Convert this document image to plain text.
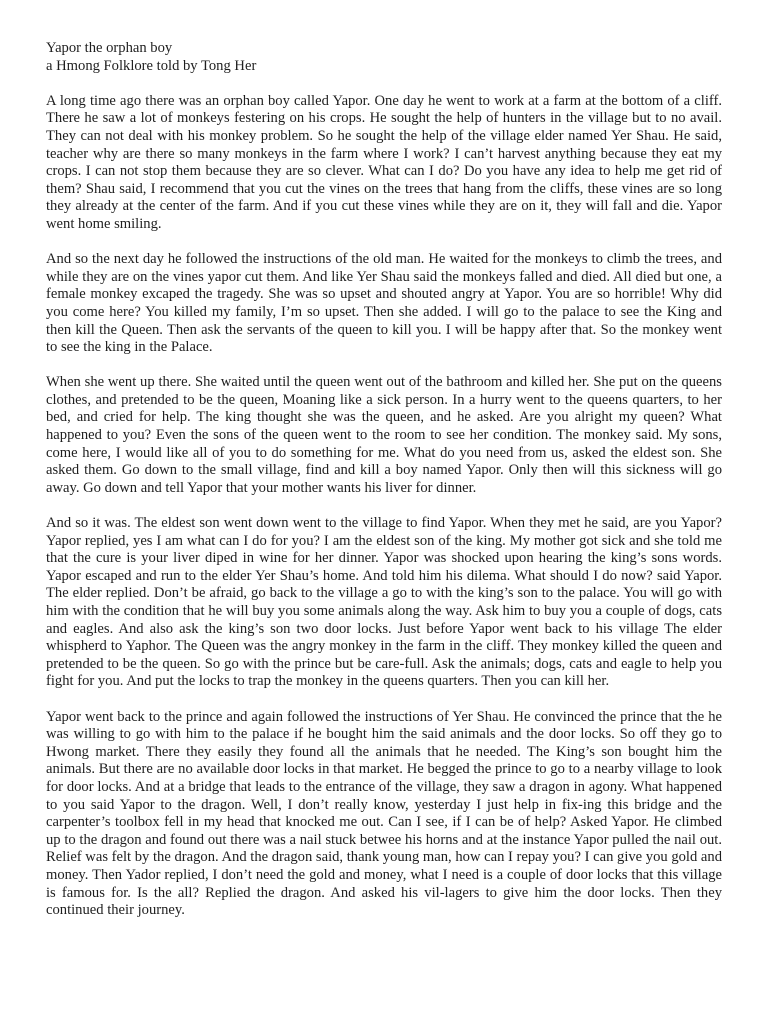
Yapor the orphan boy
a Hmong Folklore told by Tong Her

A long time ago there was an orphan boy called Yapor. One day he went to work at a farm at the bottom of a cliff. There he saw a lot of monkeys festering on his crops. He sought the help of hunters in the village but to no avail. They can not deal with his monkey problem. So he sought the help of the village elder named Yer Shau. He said, teacher why are there so many monkeys in the farm where I work? I can’t harvest anything because they eat my crops. I can not stop them because they are so clever. What can I do? Do you have any idea to help me get rid of them? Shau said, I recommend that you cut the vines on the trees that hang from the cliffs, these vines are so long they already at the center of the farm. And if you cut these vines while they are on it, they will fall and die. Yapor went home smiling.

And so the next day he followed the instructions of the old man. He waited for the monkeys to climb the trees, and while they are on the vines yapor cut them. And like Yer Shau said the monkeys falled and died. All died but one, a female monkey excaped the tragedy. She was so upset and shouted angry at Yapor. You are so horrible! Why did you come here? You killed my family, I’m so upset. Then she added. I will go to the palace to see the King and then kill the Queen. Then ask the servants of the queen to kill you. I will be happy after that. So the monkey went to see the king in the Palace.

When she went up there. She waited until the queen went out of the bathroom and killed her. She put on the queens clothes, and pretended to be the queen, Moaning like a sick person. In a hurry went to the queens quarters, to her bed, and cried for help. The king thought she was the queen, and he asked. Are you alright my queen? What happened to you? Even the sons of the queen went to the room to see her condition. The monkey said. My sons, come here, I would like all of you to do something for me. What do you need from us, asked the eldest son. She asked them. Go down to the small village, find and kill a boy named Yapor. Only then will this sickness will go away. Go down and tell Yapor that your mother wants his liver for dinner.

And so it was. The eldest son went down went to the village to find Yapor. When they met he said, are you Yapor? Yapor replied, yes I am what can I do for you? I am the eldest son of the king. My mother got sick and she told me that the cure is your liver diped in wine for her dinner. Yapor was shocked upon hearing the king’s sons words. Yapor escaped and run to the elder Yer Shau’s home. And told him his dilema. What should I do now? said Yapor. The elder replied. Don’t be afraid, go back to the village a go to with the king’s son to the palace. You will go with him with the condition that he will buy you some animals along the way. Ask him to buy you a couple of dogs, cats and eagles. And also ask the king’s son two door locks. Just before Yapor went back to his village The elder whispherd to Yaphor. The Queen was the angry monkey in the farm in the cliff. They monkey killed the queen and pretended to be the queen. So go with the prince but be care-full. Ask the animals; dogs, cats and eagle to help you fight for you. And put the locks to trap the monkey in the queens quarters. Then you can kill her.

Yapor went back to the prince and again followed the instructions of Yer Shau. He convinced the prince that the he was willing to go with him to the palace if he bought him the said animals and the door locks. So off they go to Hwong market. There they easily they found all the animals that he needed. The King’s son bought him the animals. But there are no available door locks in that market. He begged the prince to go to a nearby village to look for door locks. And at a bridge that leads to the entrance of the village, they saw a dragon in agony. What happened to you said Yapor to the dragon. Well, I don’t really know, yesterday I just help in fix-ing this bridge and the carpenter’s toolbox fell in my head that knocked me out. Can I see, if I can be of help? Asked Yapor. He climbed up to the dragon and found out there was a nail stuck betwee his horns and at the instance Yapor pulled the nail out. Relief was felt by the dragon. And the dragon said, thank young man, how can I repay you? I can give you gold and money. Then Yador replied, I don’t need the gold and money, what I need is a couple of door locks that this village is famous for. Is the all? Replied the dragon. And asked his vil-lagers to give him the door locks. Then they continued their journey.
